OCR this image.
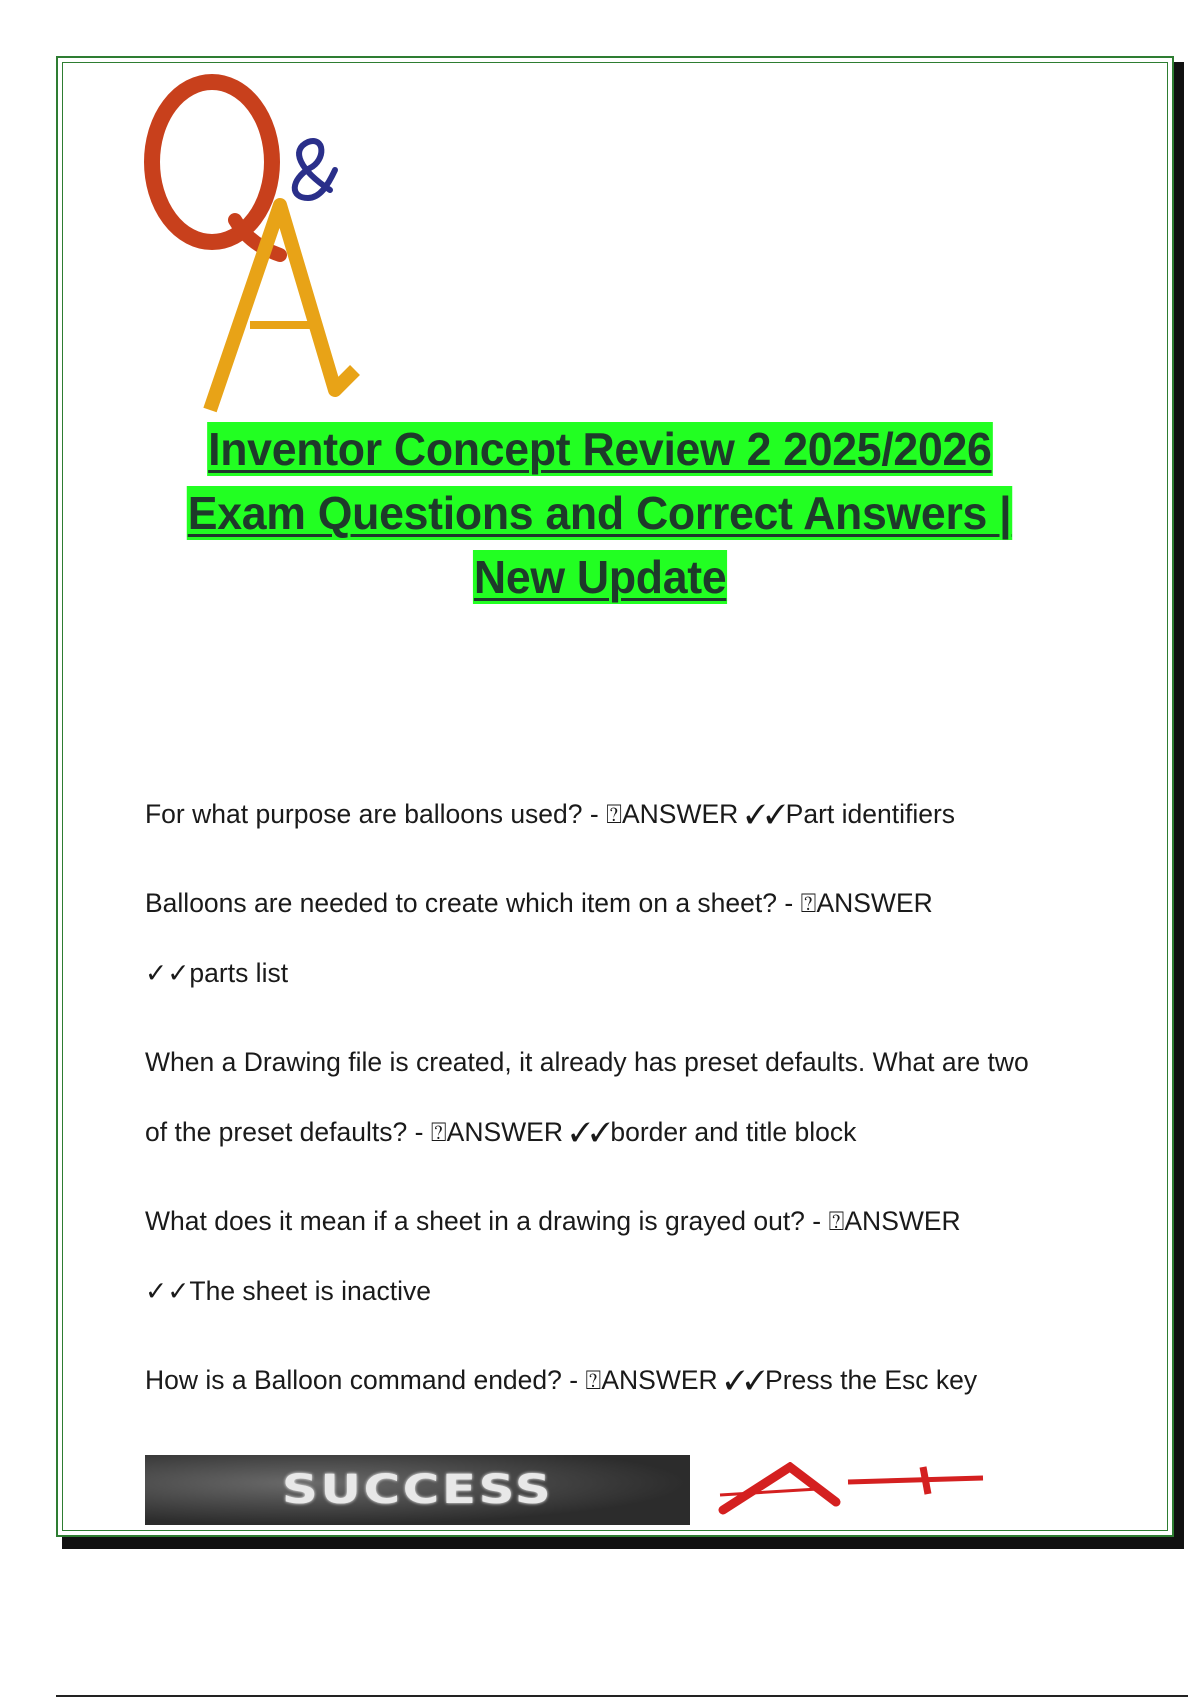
Inventor Concept Review 2 2025/2026
Exam Questions and Correct Answers |
New Update
For what purpose are balloons used? - ⍰ANSWER ✓✓Part identifiers
Balloons are needed to create which item on a sheet? - ⍰ANSWER
✓✓parts list
When a Drawing file is created, it already has preset defaults. What are two
of the preset defaults? - ⍰ANSWER ✓✓border and title block
What does it mean if a sheet in a drawing is grayed out? - ⍰ANSWER
✓✓The sheet is inactive
How is a Balloon command ended? - ⍰ANSWER ✓✓Press the Esc key
SUCCESS
